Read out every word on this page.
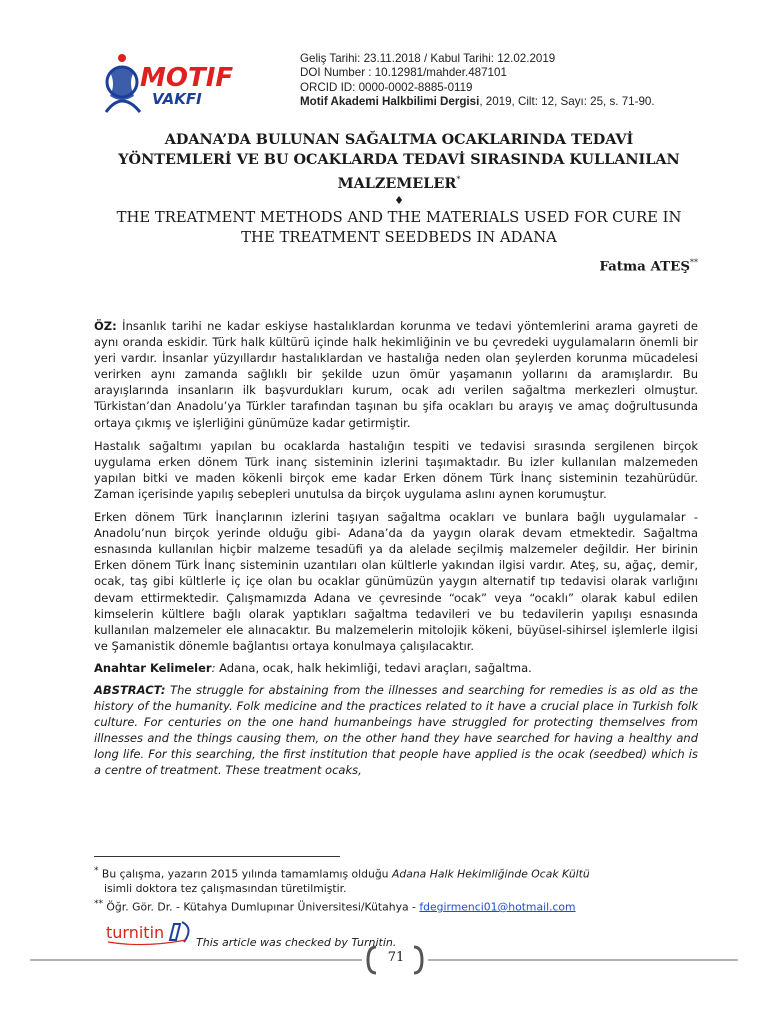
MOTIF
VAKFI
Geliş Tarihi: 23.11.2018 / Kabul Tarihi: 12.02.2019
DOI Number : 10.12981/mahder.487101
ORCID ID: 0000-0002-8885-0119
Motif Akademi Halkbilimi Dergisi, 2019, Cilt: 12, Sayı: 25, s. 71-90.

ADANA’DA BULUNAN SAĞALTMA OCAKLARINDA TEDAVİ
YÖNTEMLERİ VE BU OCAKLARDA TEDAVİ SIRASINDA KULLANILAN
MALZEMELER*

♦

THE TREATMENT METHODS AND THE MATERIALS USED FOR CURE IN
THE TREATMENT SEEDBEDS IN ADANA

Fatma ATEŞ**

ÖZ: İnsanlık tarihi ne kadar eskiyse hastalıklardan korunma ve tedavi yöntemlerini arama gayreti de aynı oranda eskidir. Türk halk kültürü içinde halk hekimliğinin ve bu çevredeki uygulamaların önemli bir yeri vardır. İnsanlar yüzyıllardır hastalıklardan ve hastalığa neden olan şeylerden korunma mücadelesi verirken aynı zamanda sağlıklı bir şekilde uzun ömür yaşamanın yollarını da aramışlardır. Bu arayışlarında insanların ilk başvurdukları kurum, ocak adı verilen sağaltma merkezleri olmuştur. Türkistan’dan Anadolu’ya Türkler tarafından taşınan bu şifa ocakları bu arayış ve amaç doğrultusunda ortaya çıkmış ve işlerliğini günümüze kadar getirmiştir.

Hastalık sağaltımı yapılan bu ocaklarda hastalığın tespiti ve tedavisi sırasında sergilenen birçok uygulama erken dönem Türk inanç sisteminin izlerini taşımaktadır. Bu izler kullanılan malzemeden yapılan bitki ve maden kökenli birçok eme kadar Erken dönem Türk İnanç sisteminin tezahürüdür. Zaman içerisinde yapılış sebepleri unutulsa da birçok uygulama aslını aynen korumuştur.

Erken dönem Türk İnançlarının izlerini taşıyan sağaltma ocakları ve bunlara bağlı uygulamalar - Anadolu’nun birçok yerinde olduğu gibi- Adana’da da yaygın olarak devam etmektedir. Sağaltma esnasında kullanılan hiçbir malzeme tesadüfi ya da alelade seçilmiş malzemeler değildir. Her birinin Erken dönem Türk İnanç sisteminin uzantıları olan kültlerle yakından ilgisi vardır. Ateş, su, ağaç, demir, ocak, taş gibi kültlerle iç içe olan bu ocaklar günümüzün yaygın alternatif tıp tedavisi olarak varlığını devam ettirmektedir. Çalışmamızda Adana ve çevresinde “ocak” veya “ocaklı” olarak kabul edilen kimselerin kültlere bağlı olarak yaptıkları sağaltma tedavileri ve bu tedavilerin yapılışı esnasında kullanılan malzemeler ele alınacaktır. Bu malzemelerin mitolojik kökeni, büyüsel-sihirsel işlemlerle ilgisi ve Şamanistik dönemle bağlantısı ortaya konulmaya çalışılacaktır.

Anahtar Kelimeler: Adana, ocak, halk hekimliği, tedavi araçları, sağaltma.

ABSTRACT: The struggle for abstaining from the illnesses and searching for remedies is as old as the history of the humanity. Folk medicine and the practices related to it have a crucial place in Turkish folk culture. For centuries on the one hand humanbeings have struggled for protecting themselves from illnesses and the things causing them, on the other hand they have searched for having a healthy and long life. For this searching, the first institution that people have applied is the ocak (seedbed) which is a centre of treatment. These treatment ocaks,

* Bu çalışma, yazarın 2015 yılında tamamlamış olduğu Adana Halk Hekimliğinde Ocak Kültü

isimli doktora tez çalışmasından türetilmiştir.

** Öğr. Gör. Dr. - Kütahya Dumlupınar Üniversitesi/Kütahya - fdegirmenci01@hotmail.com

turnitin
This article was checked by Turnitin.
71
